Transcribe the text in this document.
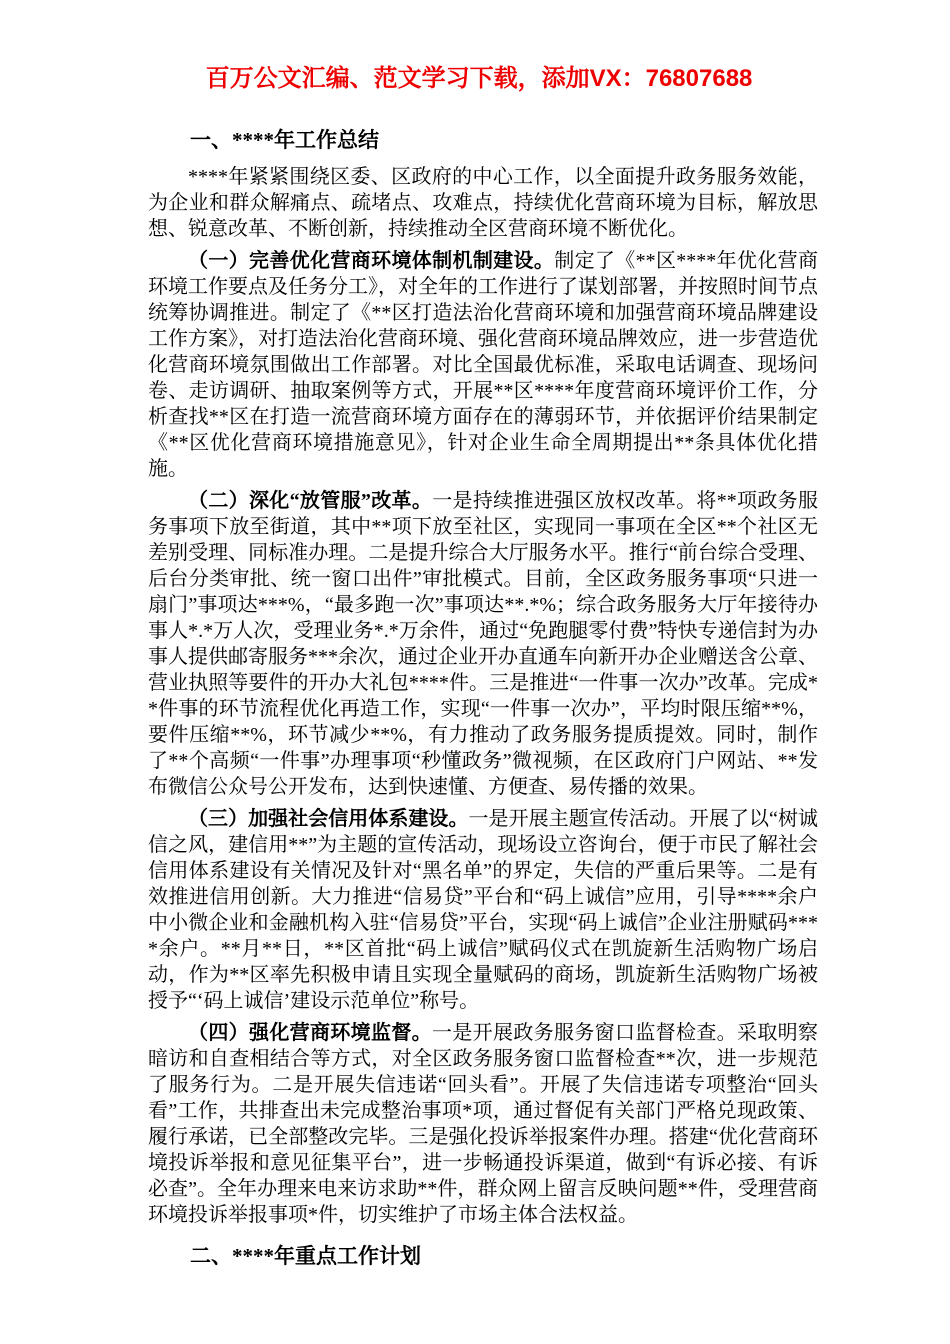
百万公文汇编、范文学习下载，添加VX：76807688
一、****年工作总结

****年紧紧围绕区委、区政府的中心工作，以全面提升政务服务效能，为企业和群众解痛点、疏堵点、攻难点，持续优化营商环境为目标，解放思想、锐意改革、不断创新，持续推动全区营商环境不断优化。

（一）完善优化营商环境体制机制建设。制定了《**区****年优化营商环境工作要点及任务分工》，对全年的工作进行了谋划部署，并按照时间节点统筹协调推进。制定了《**区打造法治化营商环境和加强营商环境品牌建设工作方案》，对打造法治化营商环境、强化营商环境品牌效应，进一步营造优化营商环境氛围做出工作部署。对比全国最优标准，采取电话调查、现场问卷、走访调研、抽取案例等方式，开展**区****年度营商环境评价工作，分析查找**区在打造一流营商环境方面存在的薄弱环节，并依据评价结果制定《**区优化营商环境措施意见》，针对企业生命全周期提出**条具体优化措施。

（二）深化“放管服”改革。一是持续推进强区放权改革。将**项政务服务事项下放至街道，其中**项下放至社区，实现同一事项在全区**个社区无差别受理、同标准办理。二是提升综合大厅服务水平。推行“前台综合受理、后台分类审批、统一窗口出件”审批模式。目前，全区政务服务事项“只进一扇门”事项达***%，“最多跑一次”事项达**.*%；综合政务服务大厅年接待办事人*.*万人次，受理业务*.*万余件，通过“免跑腿零付费”特快专递信封为办事人提供邮寄服务***余次，通过企业开办直通车向新开办企业赠送含公章、营业执照等要件的开办大礼包****件。三是推进“一件事一次办”改革。完成**件事的环节流程优化再造工作，实现“一件事一次办”，平均时限压缩**%，要件压缩**%，环节减少**%，有力推动了政务服务提质提效。同时，制作了**个高频“一件事”办理事项“秒懂政务”微视频，在区政府门户网站、**发布微信公众号公开发布，达到快速懂、方便查、易传播的效果。

（三）加强社会信用体系建设。一是开展主题宣传活动。开展了以“树诚信之风，建信用**”为主题的宣传活动，现场设立咨询台，便于市民了解社会信用体系建设有关情况及针对“黑名单”的界定，失信的严重后果等。二是有效推进信用创新。大力推进“信易贷”平台和“码上诚信”应用，引导****余户中小微企业和金融机构入驻“信易贷”平台，实现“码上诚信”企业注册赋码****余户。**月**日，**区首批“码上诚信”赋码仪式在凯旋新生活购物广场启动，作为**区率先积极申请且实现全量赋码的商场，凯旋新生活购物广场被授予“‘码上诚信’建设示范单位”称号。

（四）强化营商环境监督。一是开展政务服务窗口监督检查。采取明察暗访和自查相结合等方式，对全区政务服务窗口监督检查**次，进一步规范了服务行为。二是开展失信违诺“回头看”。开展了失信违诺专项整治“回头看”工作，共排查出未完成整治事项*项，通过督促有关部门严格兑现政策、履行承诺，已全部整改完毕。三是强化投诉举报案件办理。搭建“优化营商环境投诉举报和意见征集平台”，进一步畅通投诉渠道，做到“有诉必接、有诉必查”。全年办理来电来访求助**件，群众网上留言反映问题**件，受理营商环境投诉举报事项*件，切实维护了市场主体合法权益。

二、****年重点工作计划
